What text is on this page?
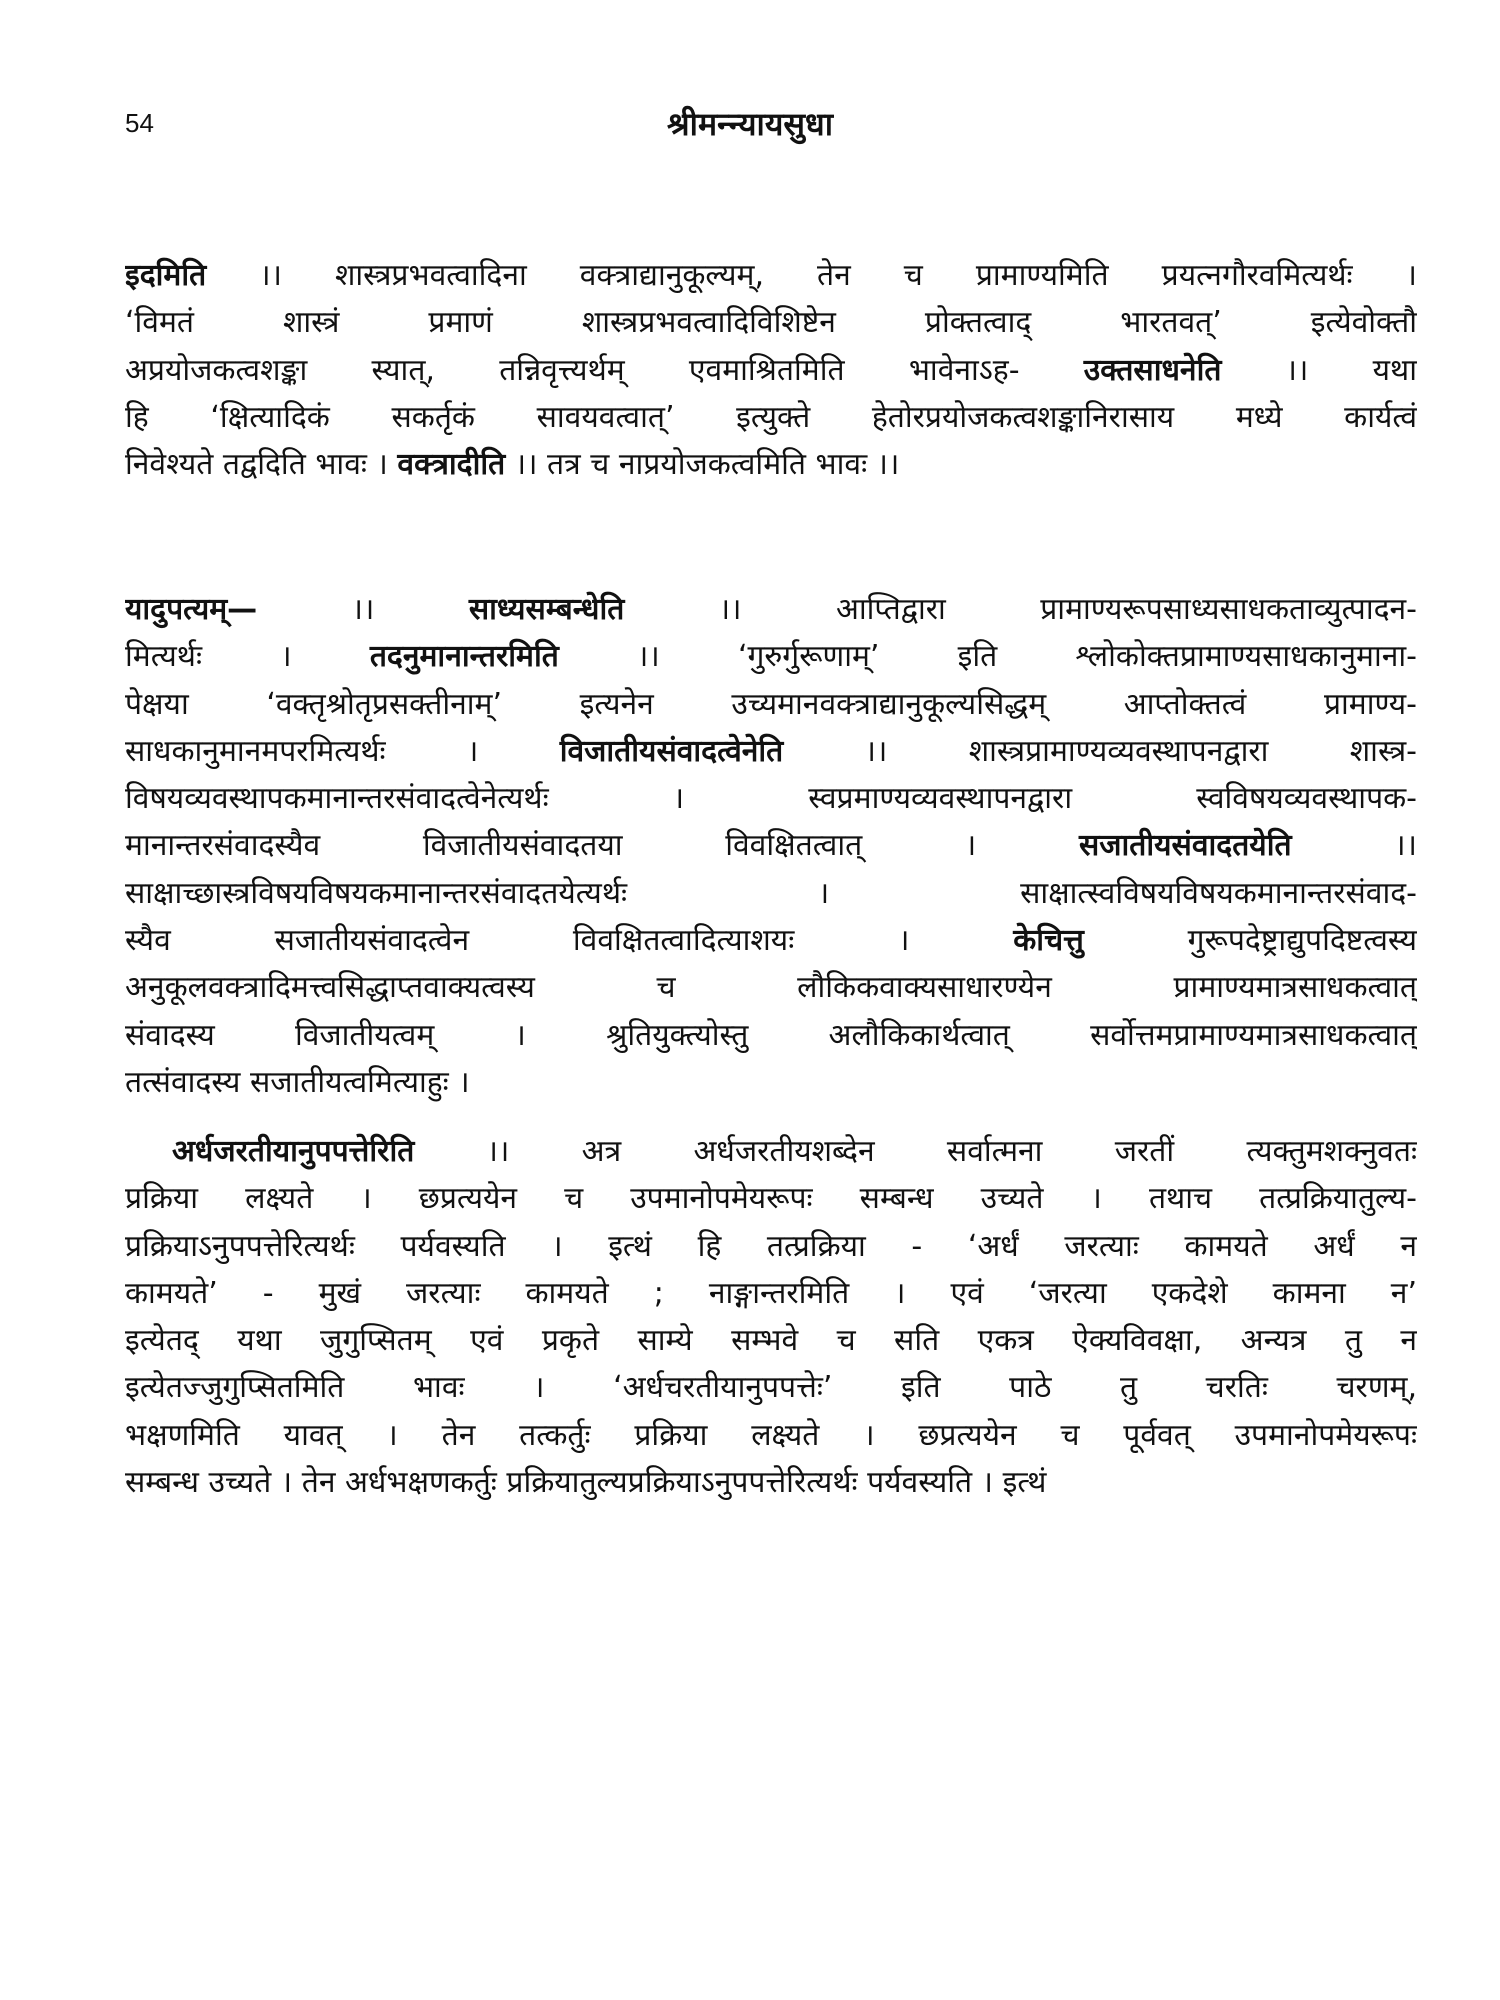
54	श्रीमन्न्यायसुधा
इदमिति ।। शास्त्रप्रभवत्वादिना वक्त्राद्यानुकूल्यम्, तेन च प्रामाण्यमिति प्रयत्नगौरवमित्यर्थः ।
‘विमतं शास्त्रं प्रमाणं शास्त्रप्रभवत्वादिविशिष्टेन प्रोक्तत्वाद् भारतवत्’ इत्येवोक्तौ
अप्रयोजकत्वशङ्का स्यात्, तन्निवृत्त्यर्थम् एवमाश्रितमिति भावेनाऽह- उक्तसाधनेति ।। यथा
हि ‘क्षित्यादिकं सकर्तृकं सावयवत्वात्’ इत्युक्ते हेतोरप्रयोजकत्वशङ्कानिरासाय मध्ये कार्यत्वं
निवेश्यते तद्वदिति भावः । वक्त्रादीति ।। तत्र च नाप्रयोजकत्वमिति भावः ।।
यादुपत्यम्— ।। साध्यसम्बन्धेति ।। आप्तिद्वारा प्रामाण्यरूपसाध्यसाधकताव्युत्पादन-
मित्यर्थः । तदनुमानान्तरमिति ।। ‘गुरुर्गुरूणाम्’ इति श्लोकोक्तप्रामाण्यसाधकानुमाना-
पेक्षया ‘वक्तृश्रोतृप्रसक्तीनाम्’ इत्यनेन उच्यमानवक्त्राद्यानुकूल्यसिद्धम् आप्तोक्तत्वं प्रामाण्य-
साधकानुमानमपरमित्यर्थः । विजातीयसंवादत्वेनेति ।। शास्त्रप्रामाण्यव्यवस्थापनद्वारा शास्त्र-
विषयव्यवस्थापकमानान्तरसंवादत्वेनेत्यर्थः । स्वप्रमाण्यव्यवस्थापनद्वारा स्वविषयव्यवस्थापक-
मानान्तरसंवादस्यैव विजातीयसंवादतया विवक्षितत्वात् । सजातीयसंवादतयेति ।।
साक्षाच्छास्त्रविषयविषयकमानान्तरसंवादतयेत्यर्थः । साक्षात्स्वविषयविषयकमानान्तरसंवाद-
स्यैव सजातीयसंवादत्वेन विवक्षितत्वादित्याशयः । केचित्तु गुरूपदेष्ट्राद्युपदिष्टत्वस्य
अनुकूलवक्त्रादिमत्त्वसिद्धाप्तवाक्यत्वस्य च लौकिकवाक्यसाधारण्येन प्रामाण्यमात्रसाधकत्वात्
संवादस्य विजातीयत्वम् । श्रुतियुक्त्योस्तु अलौकिकार्थत्वात् सर्वोत्तमप्रामाण्यमात्रसाधकत्वात्
तत्संवादस्य सजातीयत्वमित्याहुः ।
अर्धजरतीयानुपपत्तेरिति ।। अत्र अर्धजरतीयशब्देन सर्वात्मना जरतीं त्यक्तुमशक्नुवतः
प्रक्रिया लक्ष्यते । छप्रत्ययेन च उपमानोपमेयरूपः सम्बन्ध उच्यते । तथाच तत्प्रक्रियातुल्य-
प्रक्रियाऽनुपपत्तेरित्यर्थः पर्यवस्यति । इत्थं हि तत्प्रक्रिया - ‘अर्धं जरत्याः कामयते अर्धं न
कामयते’ - मुखं जरत्याः कामयते ; नाङ्गान्तरमिति । एवं ‘जरत्या एकदेशे कामना न’
इत्येतद् यथा जुगुप्सितम् एवं प्रकृते साम्ये सम्भवे च सति एकत्र ऐक्यविवक्षा, अन्यत्र तु न
इत्येतज्जुगुप्सितमिति भावः । ‘अर्धचरतीयानुपपत्तेः’ इति पाठे तु चरतिः चरणम्,
भक्षणमिति यावत् । तेन तत्कर्तुः प्रक्रिया लक्ष्यते । छप्रत्ययेन च पूर्ववत् उपमानोपमेयरूपः
सम्बन्ध उच्यते । तेन अर्धभक्षणकर्तुः प्रक्रियातुल्यप्रक्रियाऽनुपपत्तेरित्यर्थः पर्यवस्यति । इत्थं
